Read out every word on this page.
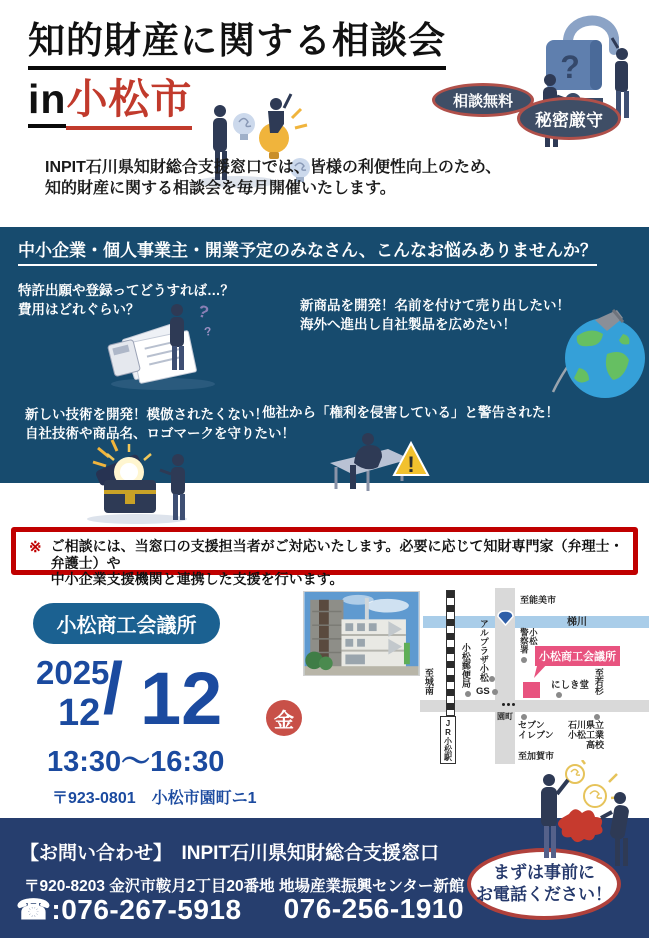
知的財産に関する相談会
in小松市
?
相談無料
秘密厳守
INPIT石川県知財総合支援窓口では、皆様の利便性向上のため、
知的財産に関する相談会を毎月開催いたします。
中小企業・個人事業主・開業予定のみなさん、こんなお悩みありませんか？
特許出願や登録ってどうすれば…？
費用はどれぐらい？	新商品を開発！名前を付けて売り出したい！
海外へ進出し自社製品を広めたい！
新しい技術を開発！模倣されたくない！
自社技術や商品名、ロゴマークを守りたい！
他社から「権利を侵害している」と警告された！
?
?
!
※ ご相談には、当窓口の支援担当者がご対応いたします。必要に応じて知財専門家（弁理士・弁護士）や
中小企業支援機関と連携した支援を行います。
小松商工会議所
2025
12 / 12	金
13:30～16:30
〒923-0801　小松市園町ニ1
至能美市
梯川
小松
警察署
アルプラザ小松
小松郵便局
GS
小松商工会議所
にしき堂 至若杉
至城南
JR小松駅
園町
セブン
イレブン
石川県立
小松工業
高校
至加賀市
【お問い合わせ】　INPIT石川県知財総合支援窓口
〒920-8203 金沢市鞍月2丁目20番地 地場産業振興センター新館
☎:076-267-5918 076-256-1910
まずは事前に
お電話ください！
